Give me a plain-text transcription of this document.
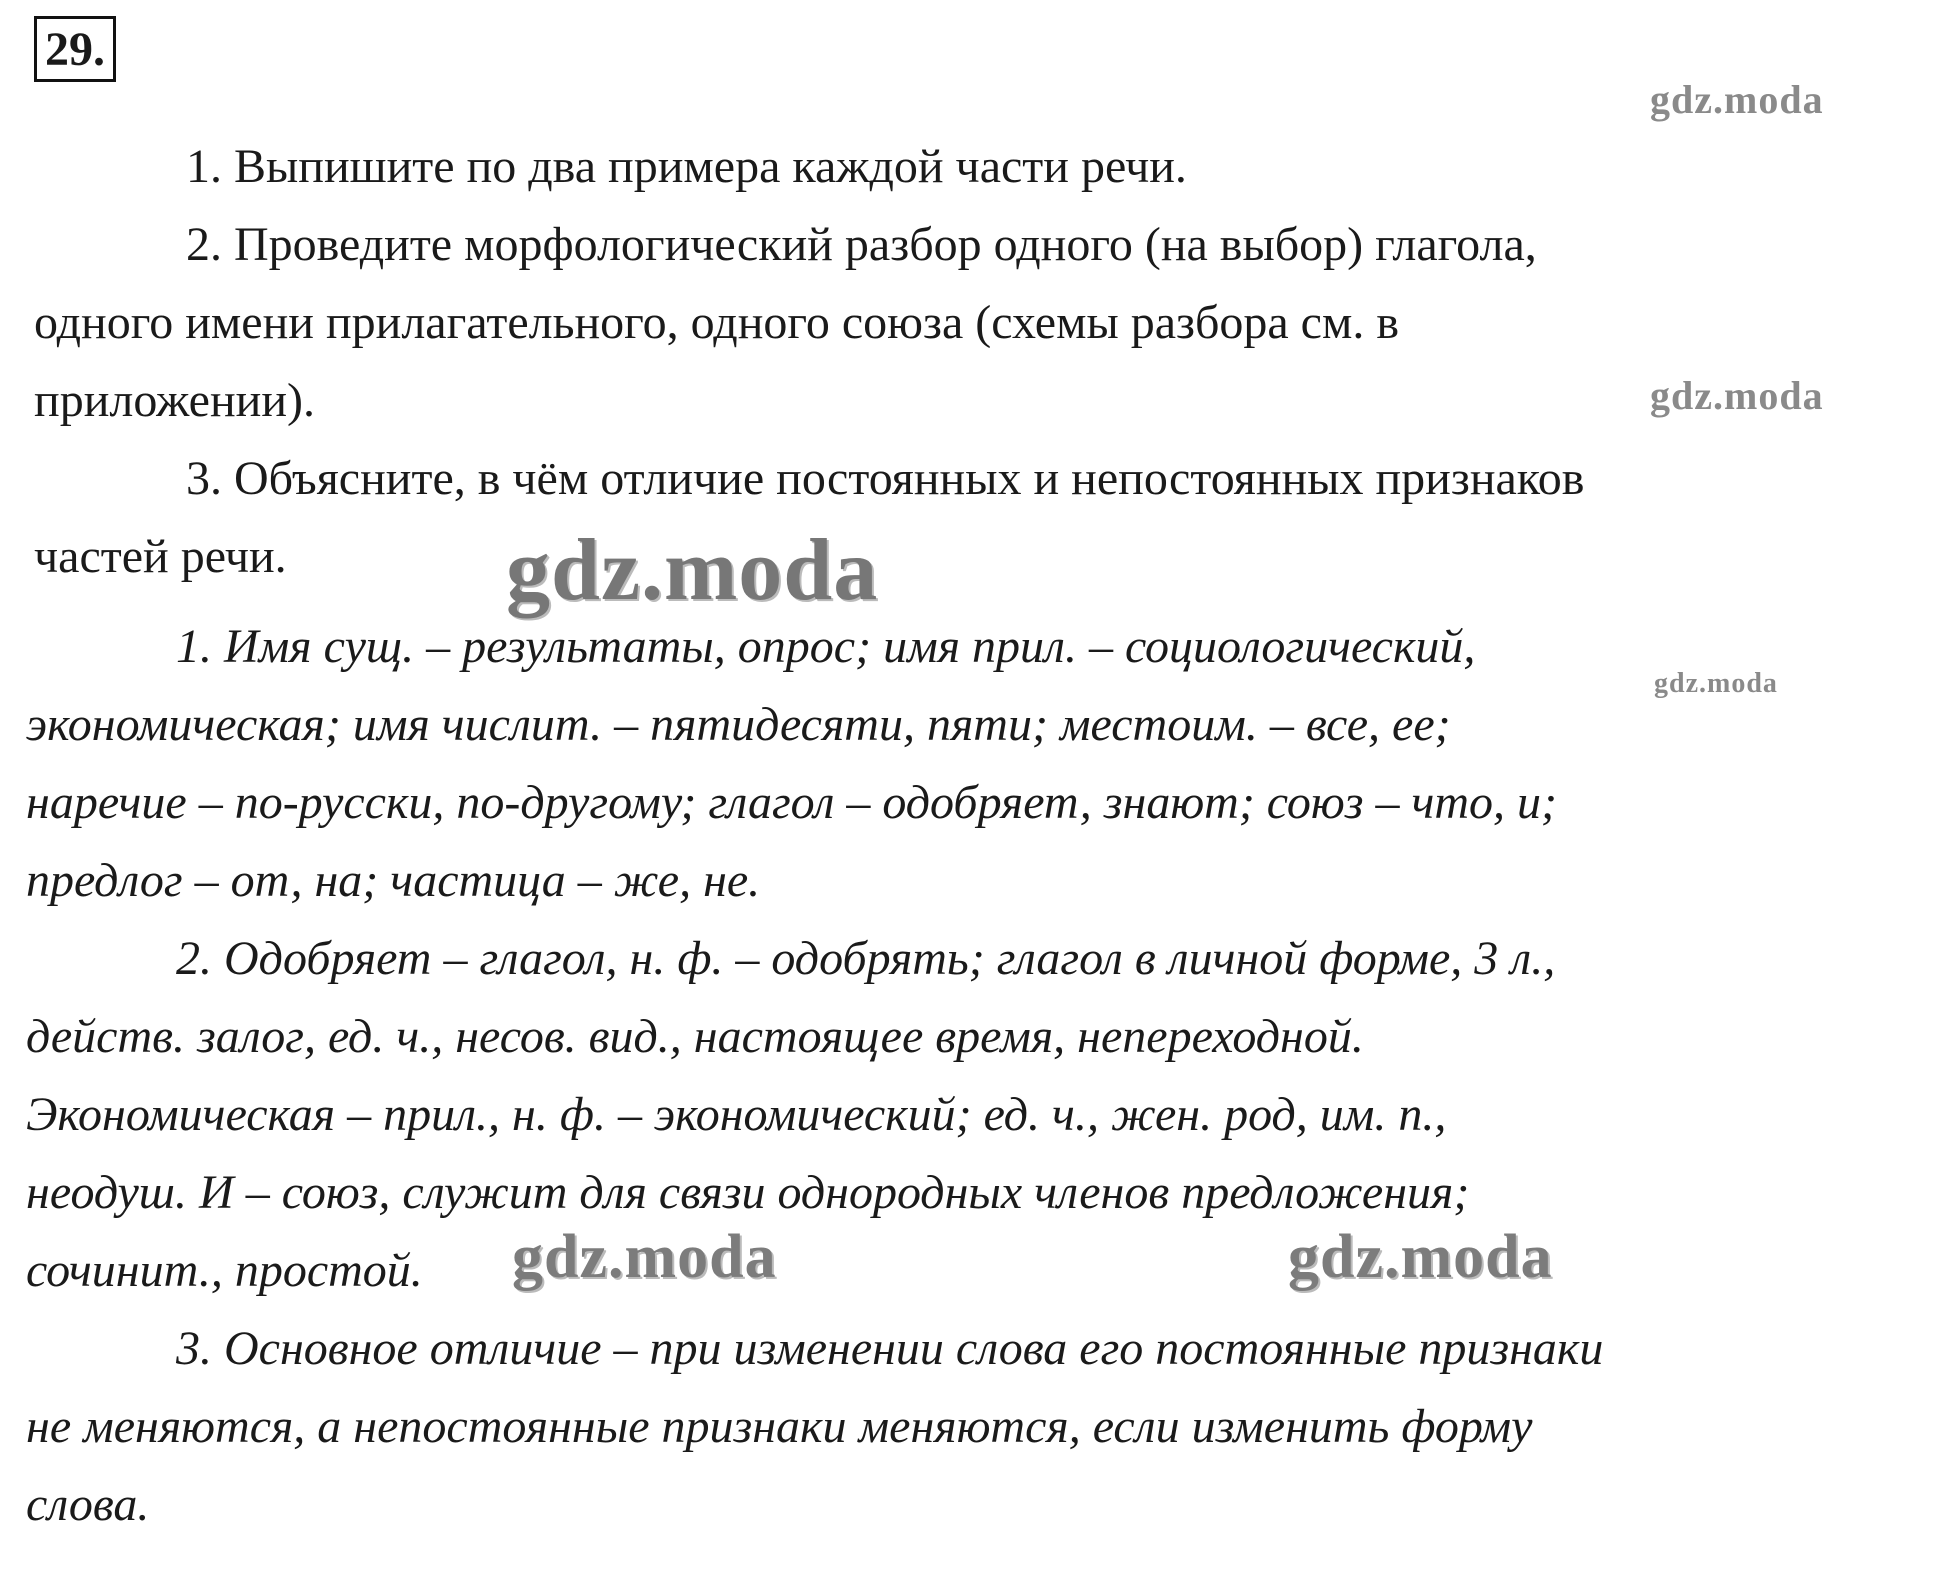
29.
1. Выпишите по два примера каждой части речи.
2. Проведите морфологический разбор одного (на выбор) глагола,
одного имени прилагательного, одного союза (схемы разбора см. в
приложении).
3. Объясните, в чём отличие постоянных и непостоянных признаков
частей речи.
1. Имя сущ. – результаты, опрос; имя прил. – социологический,
экономическая; имя числит. – пятидесяти, пяти; местоим. – все, ее;
наречие – по-русски, по-другому; глагол – одобряет, знают; союз – что, и;
предлог – от, на; частица – же, не.
2. Одобряет – глагол, н. ф. – одобрять; глагол в личной форме, 3 л.,
действ. залог, ед. ч., несов. вид., настоящее время, непереходной.
Экономическая – прил., н. ф. – экономический; ед. ч., жен. род, им. п.,
неодуш. И – союз, служит для связи однородных членов предложения;
сочинит., простой.
3. Основное отличие – при изменении слова его постоянные признаки
не меняются, а непостоянные признаки меняются, если изменить форму
слова.
gdz.moda
gdz.moda
gdz.moda
gdz.moda
gdz.moda	gdz.moda
